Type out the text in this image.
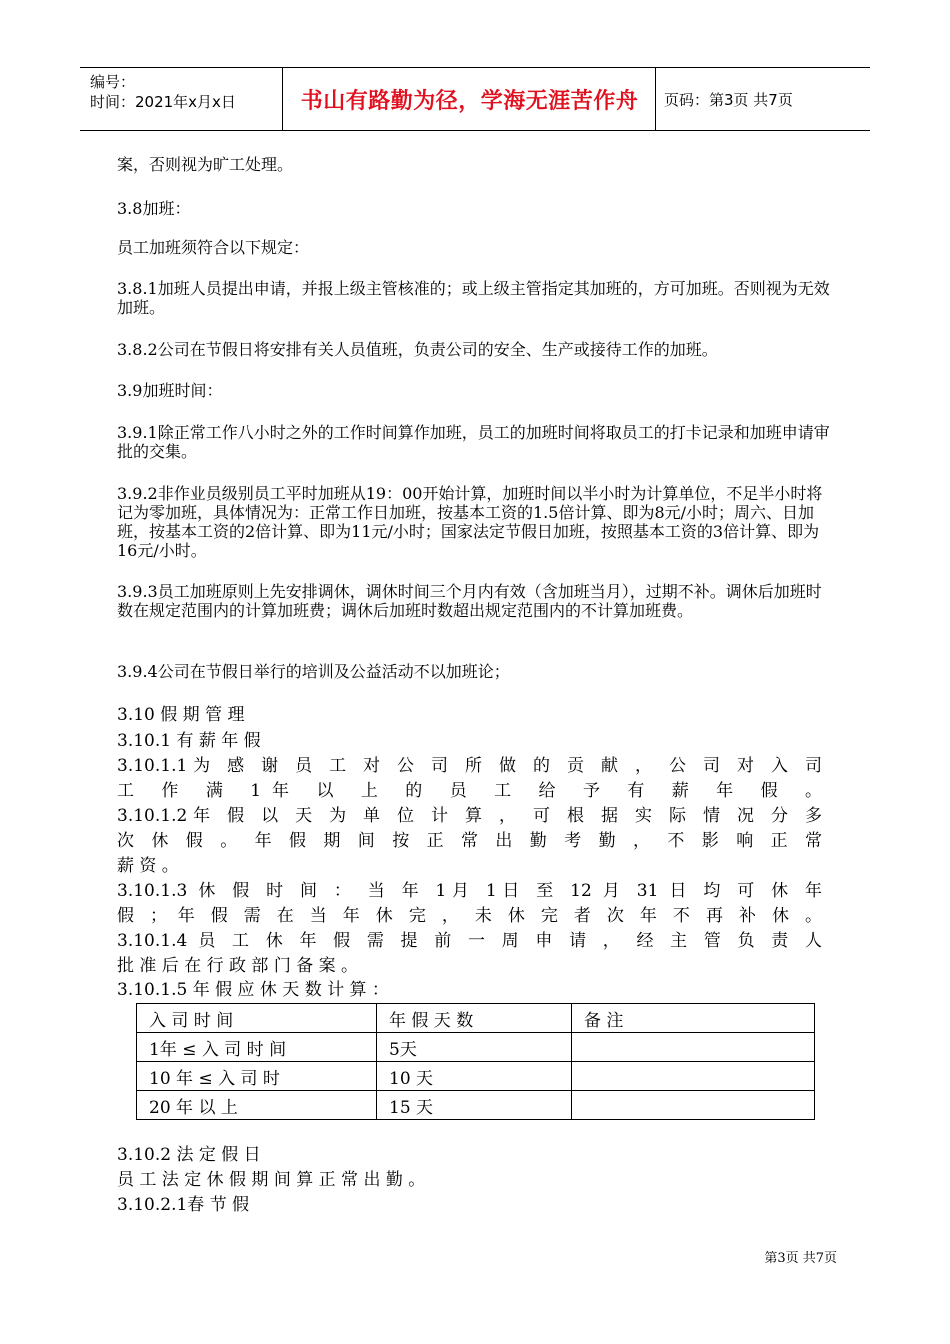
编号：
时间：2021年x月x日	书山有路勤为径，学海无涯苦作舟	页码：第3页 共7页
案，否则视为旷工处理。
3.8加班：
员工加班须符合以下规定：
3.8.1加班人员提出申请，并报上级主管核准的；或上级主管指定其加班的，方可加班。否则视为无效加班。
3.8.2公司在节假日将安排有关人员值班，负责公司的安全、生产或接待工作的加班。
3.9加班时间：
3.9.1除正常工作八小时之外的工作时间算作加班，员工的加班时间将取员工的打卡记录和加班申请审批的交集。
3.9.2非作业员级别员工平时加班从19：00开始计算，加班时间以半小时为计算单位，不足半小时将记为零加班，具体情况为：正常工作日加班，按基本工资的1.5倍计算、即为8元/小时；周六、日加班，按基本工资的2倍计算、即为11元/小时；国家法定节假日加班，按照基本工资的3倍计算、即为16元/小时。
3.9.3员工加班原则上先安排调休，调休时间三个月内有效（含加班当月），过期不补。调休后加班时数在规定范围内的计算加班费；调休后加班时数超出规定范围内的不计算加班费。
3.9.4公司在节假日举行的培训及公益活动不以加班论；
3.10 假 期 管 理
3.10.1 有 薪 年 假
3.10.1.1为 感 谢 员 工 对 公 司 所 做 的 贡 献 ， 公 司 对 入 司
工 作 满 1年 以 上 的 员 工 给 予 有 薪 年 假 。
3.10.1.2年 假 以 天 为 单 位 计 算 ， 可 根 据 实 际 情 况 分 多
次 休 假 。 年 假 期 间 按 正 常 出 勤 考 勤 ， 不 影 响 正 常
薪 资 。
3.10.1.3 休 假 时 间 ： 当 年 1月 1日 至 12 月 31 日 均 可 休 年
假 ； 年 假 需 在 当 年 休 完 ， 未 休 完 者 次 年 不 再 补 休 。
3.10.1.4 员 工 休 年 假 需 提 前 一 周 申 请 ， 经 主 管 负 责 人
批 准 后 在 行 政 部 门 备 案 。
3.10.1.5 年 假 应 休 天 数 计 算 ：
入 司 时 间	年 假 天 数	备 注
1年 ≤ 入 司 时 间	5天	
10 年 ≤ 入 司 时	10 天	
20 年 以 上	15 天	
3.10.2 法 定 假 日
员 工 法 定 休 假 期 间 算 正 常 出 勤 。
3.10.2.1春 节 假
第3页 共7页
